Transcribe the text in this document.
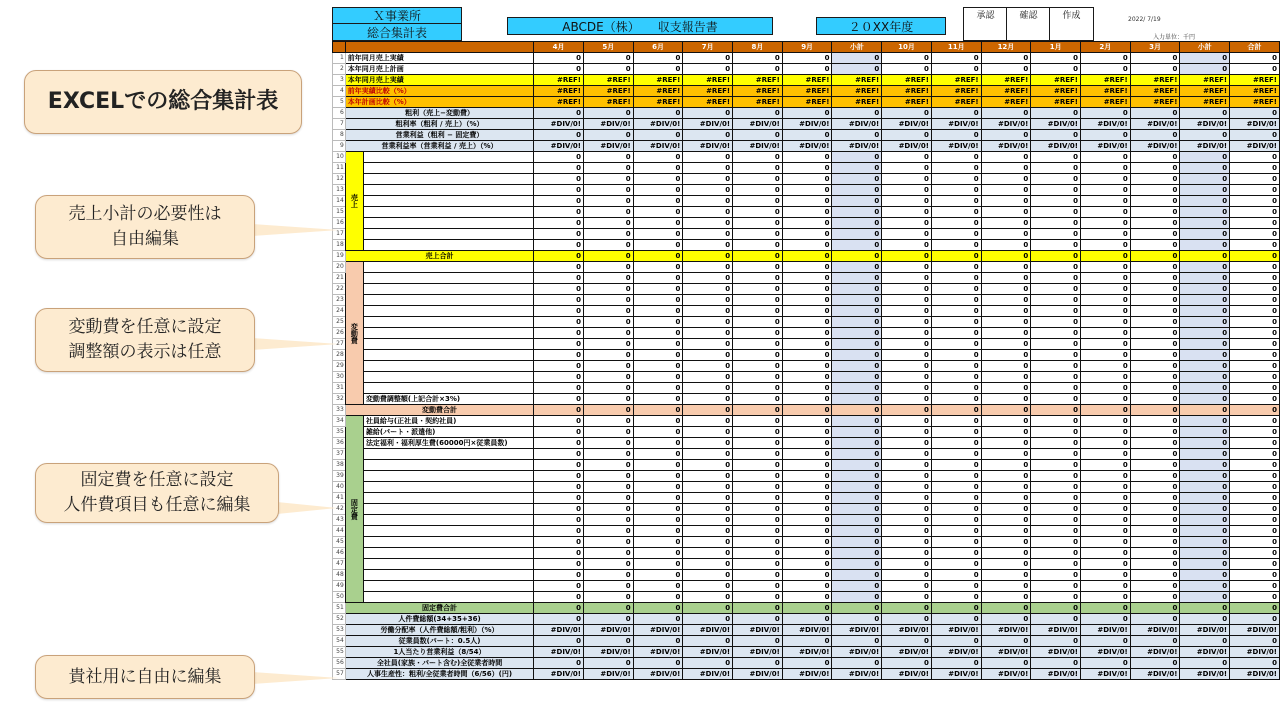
EXCELでの総合集計表
売上小計の必要性は
自由編集
変動費を任意に設定
調整額の表示は任意
固定費を任意に設定
人件費項目も任意に編集
貴社用に自由に編集
Ｘ事業所
総合集計表	ABCDE（株）　　収支報告書	２０XX年度
承認	確認	作成	2022/ 7/19
入力単位：千円
			4月	5月	6月	7月	8月	9月	小計	10月	11月	12月	1月	2月	3月	小計	合計
1	前年同月売上実績		0	0	0	0	0	0	0	0	0	0	0	0	0	0	0
2	本年同月売上計画		0	0	0	0	0	0	0	0	0	0	0	0	0	0	0
3	本年同月売上実績		#REF!	#REF!	#REF!	#REF!	#REF!	#REF!	#REF!	#REF!	#REF!	#REF!	#REF!	#REF!	#REF!	#REF!	#REF!
4	前年実績比較（%）		#REF!	#REF!	#REF!	#REF!	#REF!	#REF!	#REF!	#REF!	#REF!	#REF!	#REF!	#REF!	#REF!	#REF!	#REF!
5	本年計画比較（%）		#REF!	#REF!	#REF!	#REF!	#REF!	#REF!	#REF!	#REF!	#REF!	#REF!	#REF!	#REF!	#REF!	#REF!	#REF!
6	粗利（売上−変動費）		0	0	0	0	0	0	0	0	0	0	0	0	0	0	0
7	粗利率（粗利 / 売上）（%）		#DIV/0!	#DIV/0!	#DIV/0!	#DIV/0!	#DIV/0!	#DIV/0!	#DIV/0!	#DIV/0!	#DIV/0!	#DIV/0!	#DIV/0!	#DIV/0!	#DIV/0!	#DIV/0!	#DIV/0!
8	営業利益（粗利 − 固定費）		0	0	0	0	0	0	0	0	0	0	0	0	0	0	0
9	営業利益率（営業利益 / 売上）（%）		#DIV/0!	#DIV/0!	#DIV/0!	#DIV/0!	#DIV/0!	#DIV/0!	#DIV/0!	#DIV/0!	#DIV/0!	#DIV/0!	#DIV/0!	#DIV/0!	#DIV/0!	#DIV/0!	#DIV/0!
10	売上		0	0	0	0	0	0	0	0	0	0	0	0	0	0	0
11			0	0	0	0	0	0	0	0	0	0	0	0	0	0	0
12			0	0	0	0	0	0	0	0	0	0	0	0	0	0	0
13			0	0	0	0	0	0	0	0	0	0	0	0	0	0	0
14			0	0	0	0	0	0	0	0	0	0	0	0	0	0	0
15			0	0	0	0	0	0	0	0	0	0	0	0	0	0	0
16			0	0	0	0	0	0	0	0	0	0	0	0	0	0	0
17			0	0	0	0	0	0	0	0	0	0	0	0	0	0	0
18			0	0	0	0	0	0	0	0	0	0	0	0	0	0	0
19	売上合計		0	0	0	0	0	0	0	0	0	0	0	0	0	0	0
20	変動費		0	0	0	0	0	0	0	0	0	0	0	0	0	0	0
21			0	0	0	0	0	0	0	0	0	0	0	0	0	0	0
22			0	0	0	0	0	0	0	0	0	0	0	0	0	0	0
23			0	0	0	0	0	0	0	0	0	0	0	0	0	0	0
24			0	0	0	0	0	0	0	0	0	0	0	0	0	0	0
25			0	0	0	0	0	0	0	0	0	0	0	0	0	0	0
26			0	0	0	0	0	0	0	0	0	0	0	0	0	0	0
27			0	0	0	0	0	0	0	0	0	0	0	0	0	0	0
28			0	0	0	0	0	0	0	0	0	0	0	0	0	0	0
29			0	0	0	0	0	0	0	0	0	0	0	0	0	0	0
30			0	0	0	0	0	0	0	0	0	0	0	0	0	0	0
31			0	0	0	0	0	0	0	0	0	0	0	0	0	0	0
32		変動費調整額(上記合計×3%)	0	0	0	0	0	0	0	0	0	0	0	0	0	0	0
33	変動費合計		0	0	0	0	0	0	0	0	0	0	0	0	0	0	0
34	固定費	社員給与(正社員・契約社員)	0	0	0	0	0	0	0	0	0	0	0	0	0	0	0
35		雑給(パート・派遣他)	0	0	0	0	0	0	0	0	0	0	0	0	0	0	0
36		法定福利・福利厚生費(60000円×従業員数)	0	0	0	0	0	0	0	0	0	0	0	0	0	0	0
37			0	0	0	0	0	0	0	0	0	0	0	0	0	0	0
38			0	0	0	0	0	0	0	0	0	0	0	0	0	0	0
39			0	0	0	0	0	0	0	0	0	0	0	0	0	0	0
40			0	0	0	0	0	0	0	0	0	0	0	0	0	0	0
41			0	0	0	0	0	0	0	0	0	0	0	0	0	0	0
42			0	0	0	0	0	0	0	0	0	0	0	0	0	0	0
43			0	0	0	0	0	0	0	0	0	0	0	0	0	0	0
44			0	0	0	0	0	0	0	0	0	0	0	0	0	0	0
45			0	0	0	0	0	0	0	0	0	0	0	0	0	0	0
46			0	0	0	0	0	0	0	0	0	0	0	0	0	0	0
47			0	0	0	0	0	0	0	0	0	0	0	0	0	0	0
48			0	0	0	0	0	0	0	0	0	0	0	0	0	0	0
49			0	0	0	0	0	0	0	0	0	0	0	0	0	0	0
50			0	0	0	0	0	0	0	0	0	0	0	0	0	0	0
51	固定費合計		0	0	0	0	0	0	0	0	0	0	0	0	0	0	0
52	人件費総額(34+35+36)		0	0	0	0	0	0	0	0	0	0	0	0	0	0	0
53	労働分配率（人件費総額/粗利）（%）		#DIV/0!	#DIV/0!	#DIV/0!	#DIV/0!	#DIV/0!	#DIV/0!	#DIV/0!	#DIV/0!	#DIV/0!	#DIV/0!	#DIV/0!	#DIV/0!	#DIV/0!	#DIV/0!	#DIV/0!
54	従業員数(パート：0.5人)		0	0	0	0	0	0	0	0	0	0	0	0	0	0	0
55	1人当たり営業利益（8/54）		#DIV/0!	#DIV/0!	#DIV/0!	#DIV/0!	#DIV/0!	#DIV/0!	#DIV/0!	#DIV/0!	#DIV/0!	#DIV/0!	#DIV/0!	#DIV/0!	#DIV/0!	#DIV/0!	#DIV/0!
56	全社員(家族・パート含む)全従業者時間		0	0	0	0	0	0	0	0	0	0	0	0	0	0	0
57	人事生産性：粗利/全従業者時間（6/56）(円)		#DIV/0!	#DIV/0!	#DIV/0!	#DIV/0!	#DIV/0!	#DIV/0!	#DIV/0!	#DIV/0!	#DIV/0!	#DIV/0!	#DIV/0!	#DIV/0!	#DIV/0!	#DIV/0!	#DIV/0!
